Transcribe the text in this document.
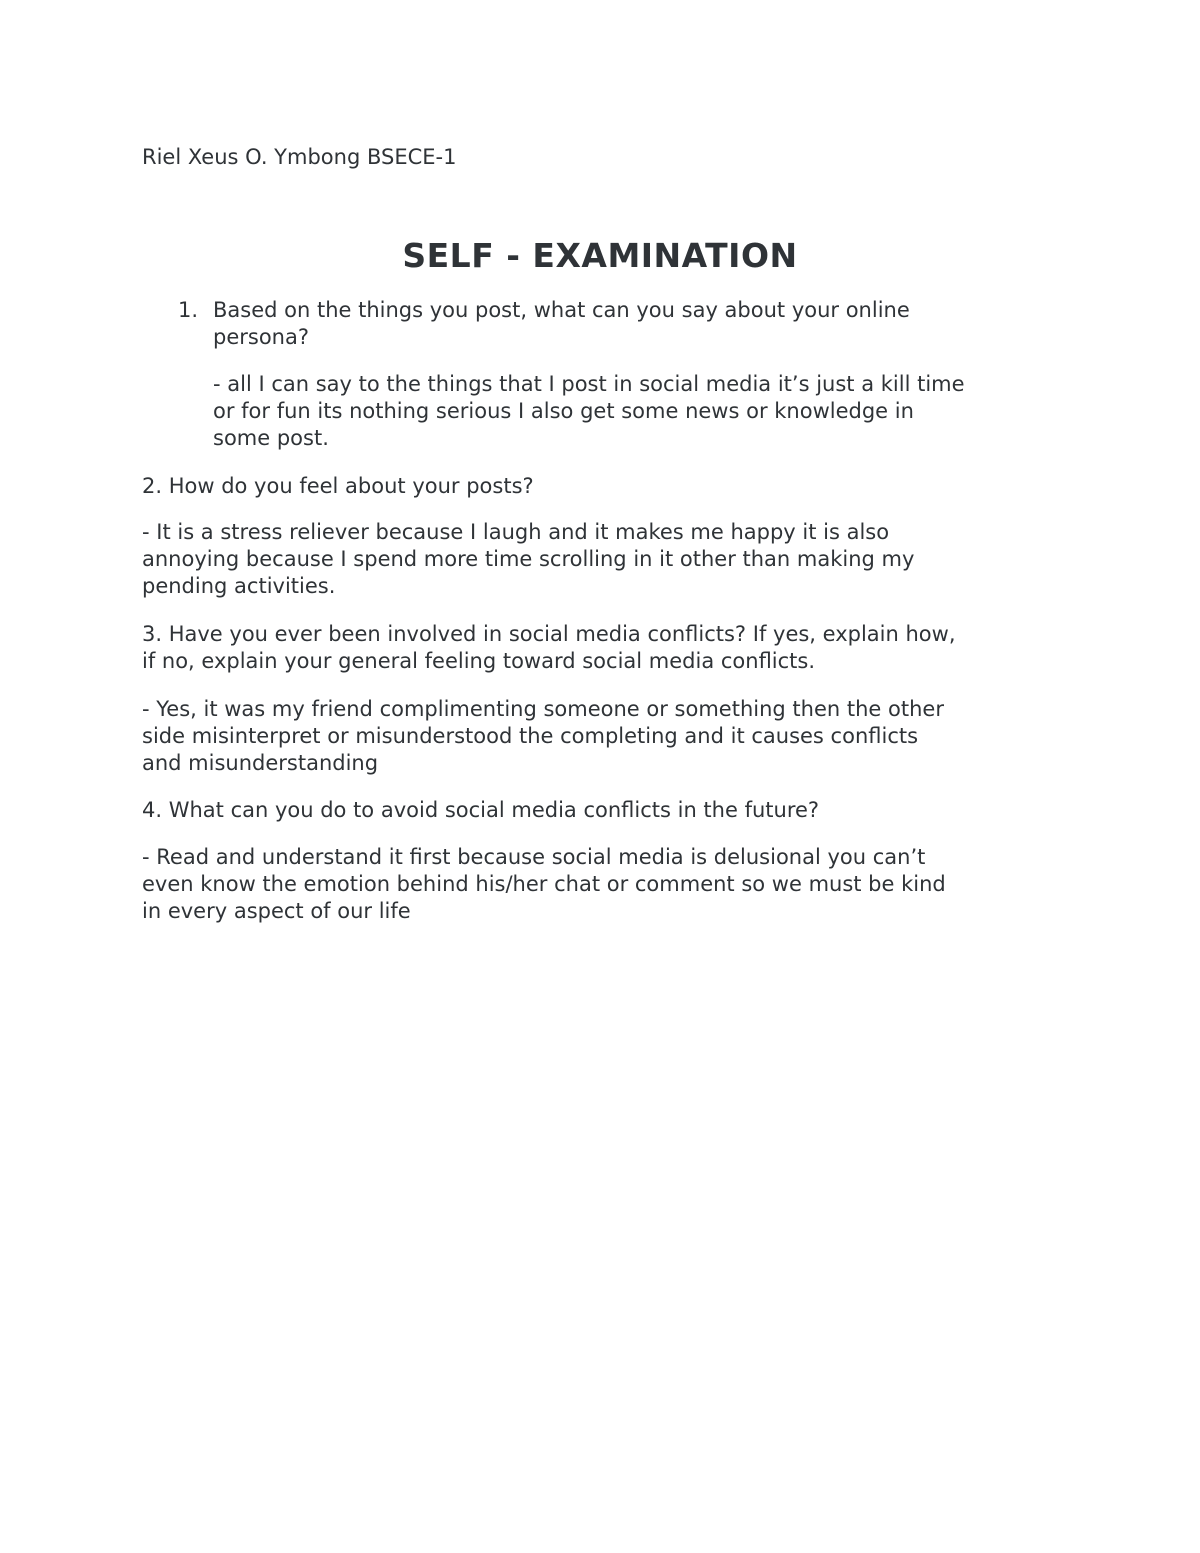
Riel Xeus O. Ymbong BSECE-1
SELF - EXAMINATION
1. Based on the things you post, what can you say about your online
persona?
- all I can say to the things that I post in social media it’s just a kill time
or for fun its nothing serious I also get some news or knowledge in
some post.
2. How do you feel about your posts?
- It is a stress reliever because I laugh and it makes me happy it is also
annoying because I spend more time scrolling in it other than making my
pending activities.
3. Have you ever been involved in social media conflicts? If yes, explain how,
if no, explain your general feeling toward social media conflicts.
- Yes, it was my friend complimenting someone or something then the other
side misinterpret or misunderstood the completing and it causes conflicts
and misunderstanding
4. What can you do to avoid social media conflicts in the future?
- Read and understand it first because social media is delusional you can’t
even know the emotion behind his/her chat or comment so we must be kind
in every aspect of our life
